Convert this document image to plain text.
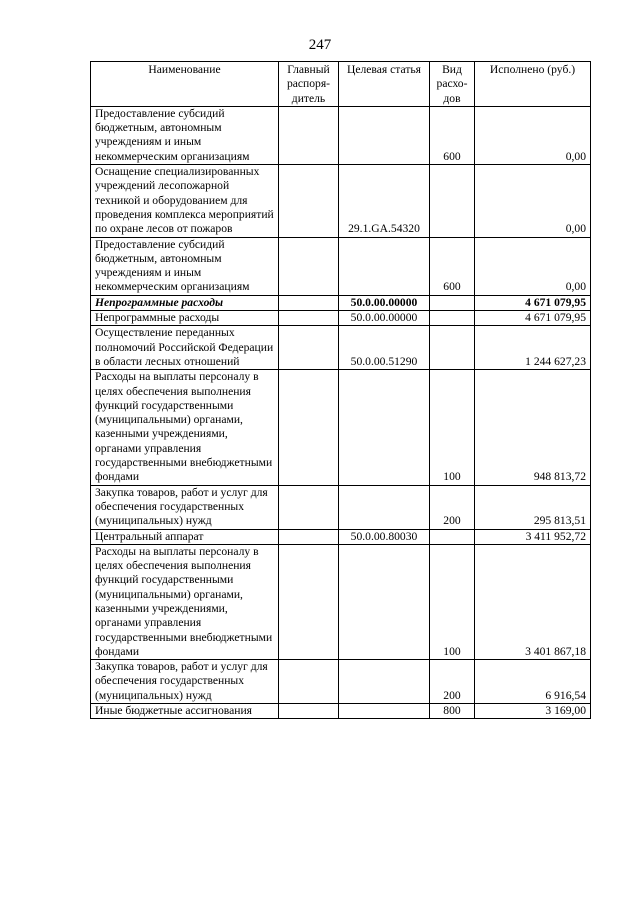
247
Наименование	Главный распоря-дитель	Целевая статья	Вид расхо-дов	Исполнено (руб.)
Предоставление субсидий бюджетным, автономным учреждениям и иным некоммерческим организациям			600	0,00
Оснащение специализированных учреждений лесопожарной техникой и оборудованием для проведения комплекса мероприятий по охране лесов от пожаров		29.1.GA.54320		0,00
Предоставление субсидий бюджетным, автономным учреждениям и иным некоммерческим организациям			600	0,00
Непрограммные расходы		50.0.00.00000		4 671 079,95
Непрограммные расходы		50.0.00.00000		4 671 079,95
Осуществление переданных полномочий Российской Федерации в области лесных отношений		50.0.00.51290		1 244 627,23
Расходы на выплаты персоналу в целях обеспечения выполнения функций государственными (муниципальными) органами, казенными учреждениями, органами управления государственными внебюджетными фондами			100	948 813,72
Закупка товаров, работ и услуг для обеспечения государственных (муниципальных) нужд			200	295 813,51
Центральный аппарат		50.0.00.80030		3 411 952,72
Расходы на выплаты персоналу в целях обеспечения выполнения функций государственными (муниципальными) органами, казенными учреждениями, органами управления государственными внебюджетными фондами			100	3 401 867,18
Закупка товаров, работ и услуг для обеспечения государственных (муниципальных) нужд			200	6 916,54
Иные бюджетные ассигнования			800	3 169,00
